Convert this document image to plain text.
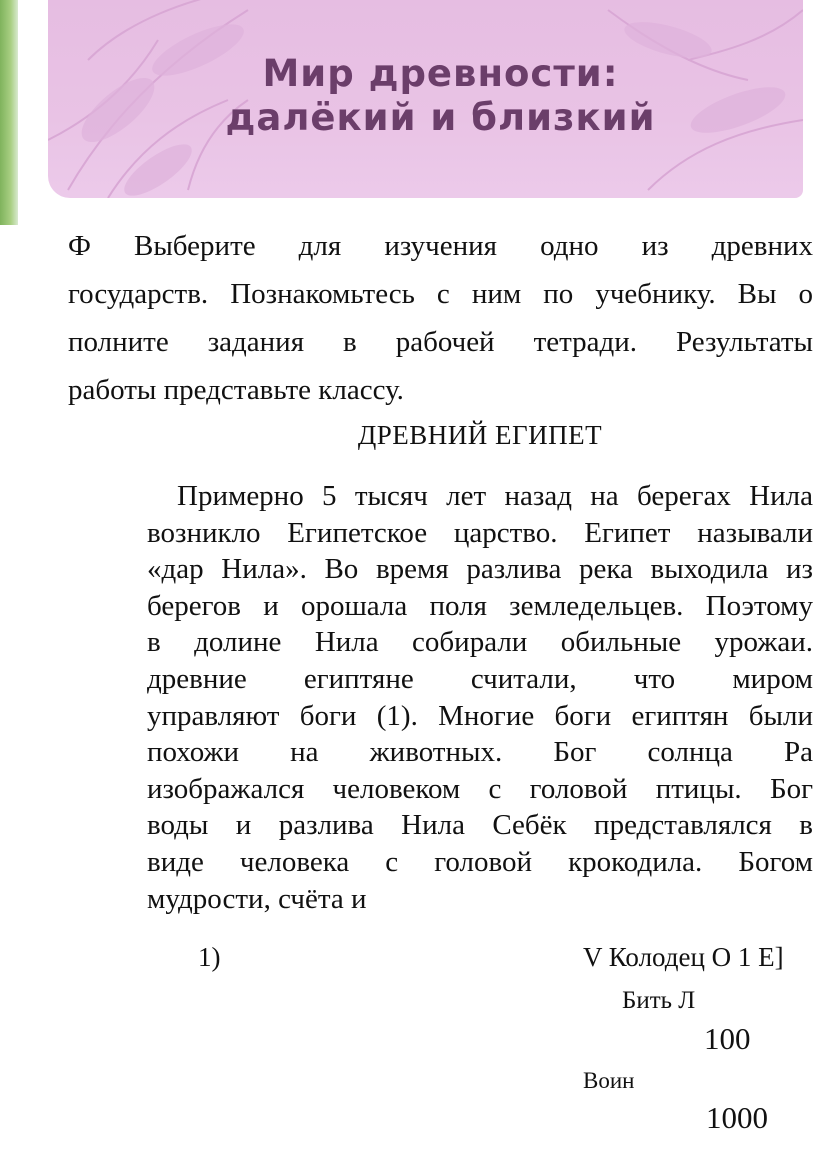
Мир древности:
далёкий и близкий
Ф Выберите для изучения одно из древних
государств. Познакомьтесь с ним по учебнику. Вы о
полните задания в рабочей тетради. Результаты
работы представьте классу.
ДРЕВНИЙ ЕГИПЕТ
Примерно 5 тысяч лет назад на берегах Нила
возникло Египетское царство. Египет называли
«дар Нила». Во время разлива река выходила из
берегов и орошала поля земледельцев. Поэтому
в долине Нила собирали обильные урожаи.
древние египтяне считали, что миром
управляют боги (1). Многие боги египтян были
похожи на животных. Бог солнца Ра
изображался человеком с головой птицы. Бог
воды и разлива Нила Себёк представлялся в
виде человека с головой крокодила. Богом
мудрости, счёта и
1)	V Колодец О 1 Е]
Бить Л
100
Воин
1000
